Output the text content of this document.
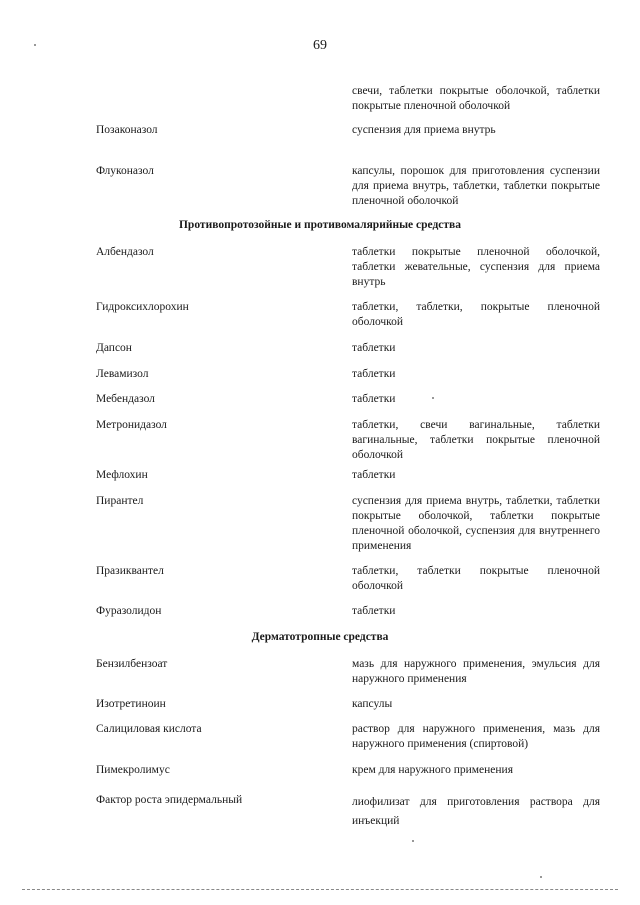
69
свечи, таблетки покрытые оболочкой, таблетки покрытые пленочной оболочкой
Позаконазол	суспензия для приема внутрь
Флуконазол	капсулы, порошок для приготовления суспензии для приема внутрь, таблетки, таблетки покрытые пленочной оболочкой
Противопротозойные и противомалярийные средства
Албендазол	таблетки покрытые пленочной оболочкой, таблетки жевательные, суспензия для приема внутрь
Гидроксихлорохин	таблетки, таблетки, покрытые пленочной оболочкой
Дапсон	таблетки
Левамизол	таблетки
Мебендазол	таблетки
Метронидазол	таблетки, свечи вагинальные, таблетки вагинальные, таблетки покрытые пленочной оболочкой
Мефлохин	таблетки
Пирантел	суспензия для приема внутрь, таблетки, таблетки покрытые оболочкой, таблетки покрытые пленочной оболочкой, суспензия для внутреннего применения
Празиквантел	таблетки, таблетки покрытые пленочной оболочкой
Фуразолидон	таблетки
Дерматотропные средства
Бензилбензоат	мазь для наружного применения, эмульсия для наружного применения
Изотретиноин	капсулы
Салициловая кислота	раствор для наружного применения, мазь для наружного применения (спиртовой)
Пимекролимус	крем для наружного применения
Фактор роста эпидермальный	лиофилизат для приготовления раствора для инъекций
